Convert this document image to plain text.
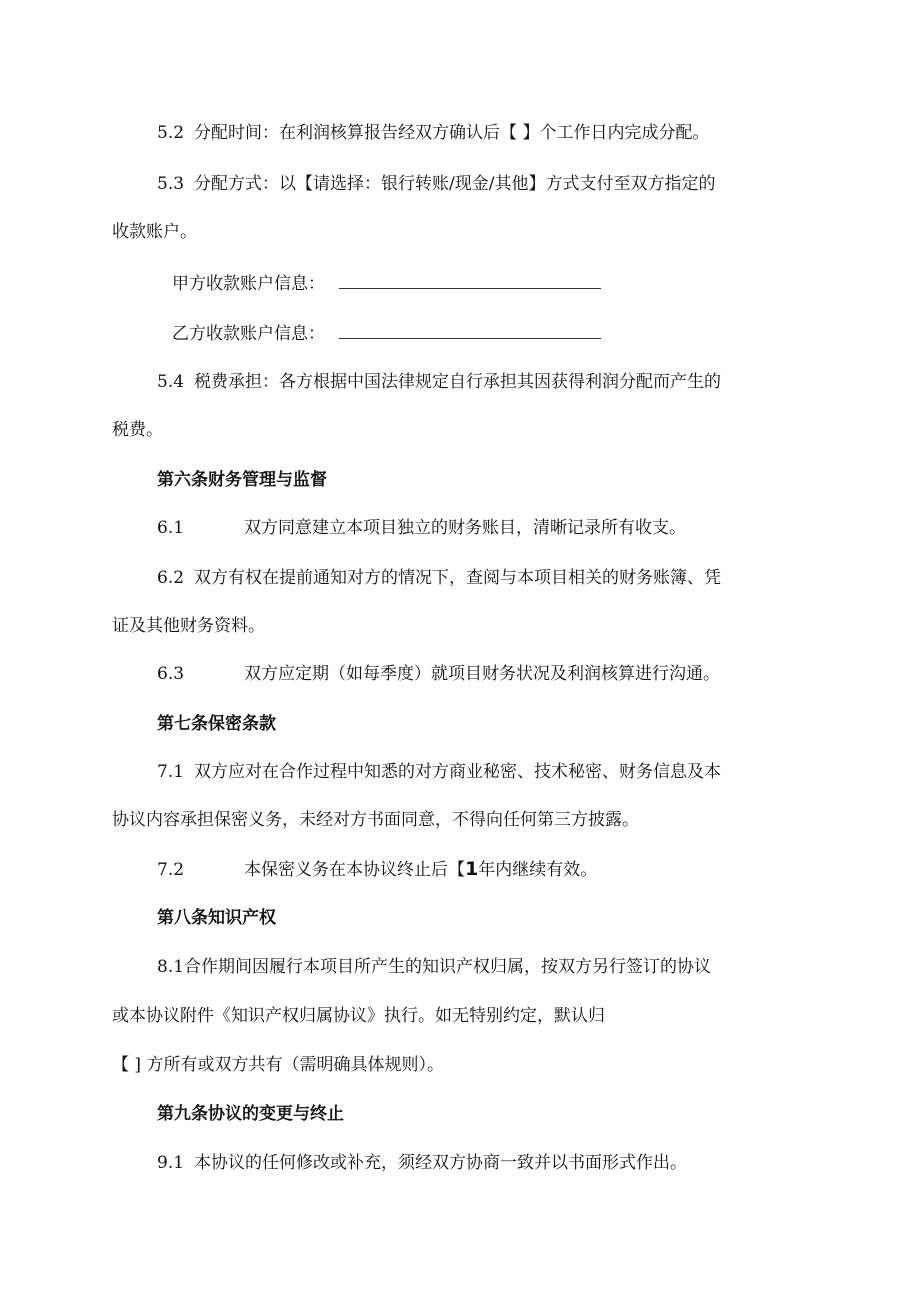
5.2 分配时间：在利润核算报告经双方确认后【 】个工作日内完成分配。
5.3 分配方式：以【请选择：银行转账/现金/其他】方式支付至双方指定的
收款账户。
甲方收款账户信息：
乙方收款账户信息：
5.4 税费承担：各方根据中国法律规定自行承担其因获得利润分配而产生的
税费。
第六条财务管理与监督
6.1	双方同意建立本项目独立的财务账目，清晰记录所有收支。
6.2 双方有权在提前通知对方的情况下，查阅与本项目相关的财务账簿、凭
证及其他财务资料。
6.3	双方应定期（如每季度）就项目财务状况及利润核算进行沟通。
第七条保密条款
7.1 双方应对在合作过程中知悉的对方商业秘密、技术秘密、财务信息及本
协议内容承担保密义务，未经对方书面同意，不得向任何第三方披露。
7.2	本保密义务在本协议终止后【1年内继续有效。
第八条知识产权
8.1合作期间因履行本项目所产生的知识产权归属，按双方另行签订的协议
或本协议附件《知识产权归属协议》执行。如无特别约定，默认归
【 ] 方所有或双方共有（需明确具体规则）。
第九条协议的变更与终止
9.1 本协议的任何修改或补充，须经双方协商一致并以书面形式作出。
